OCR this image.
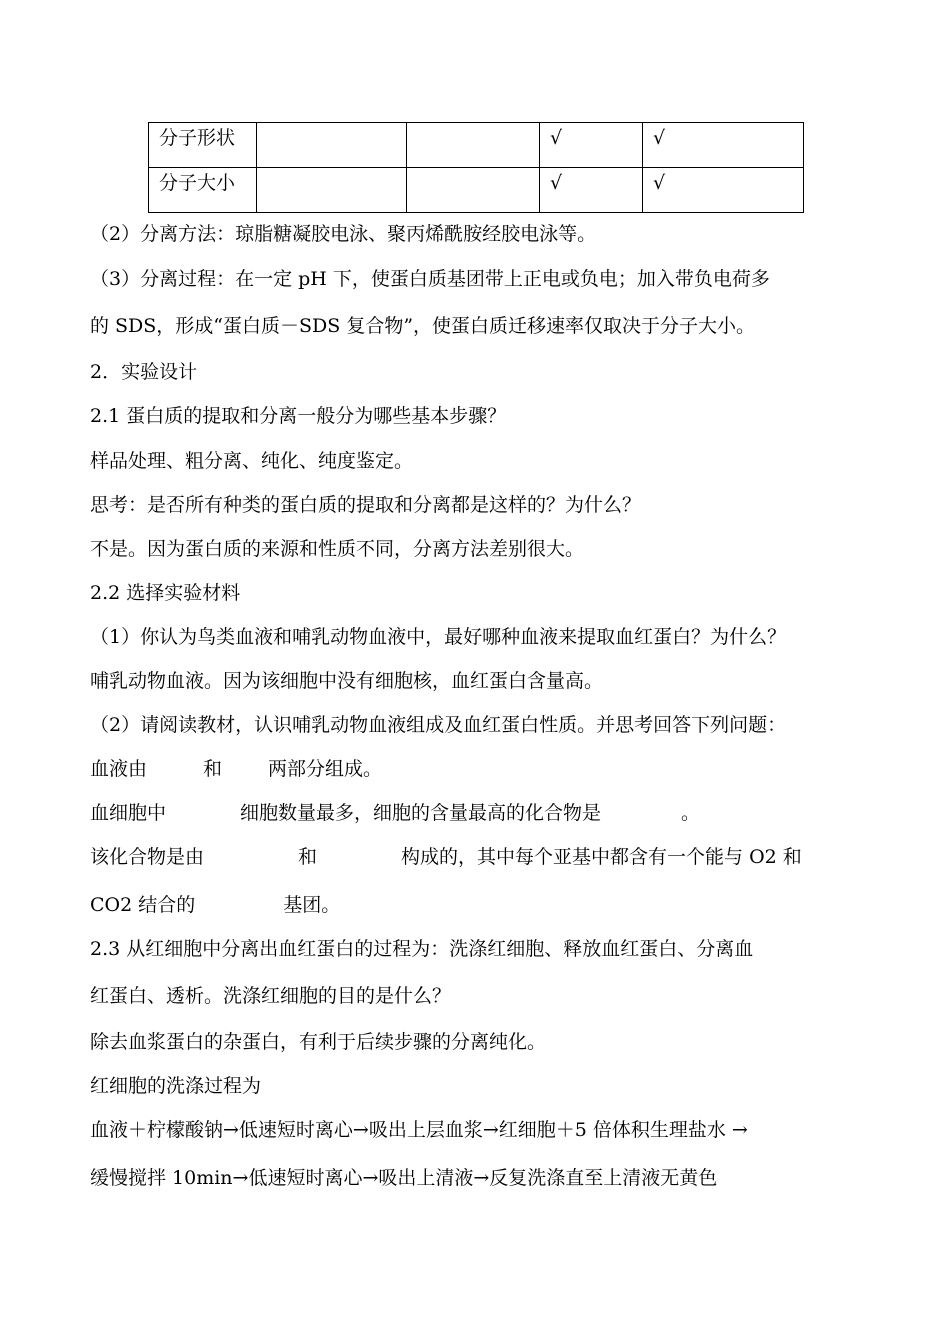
分子形状			√	√
分子大小			√	√
（2）分离方法：琼脂糖凝胶电泳、聚丙烯酰胺经胶电泳等。
（3）分离过程：在一定 pH 下，使蛋白质基团带上正电或负电；加入带负电荷多
的 SDS，形成“蛋白质－SDS 复合物”，使蛋白质迁移速率仅取决于分子大小。
2．实验设计
2.1 蛋白质的提取和分离一般分为哪些基本步骤？
样品处理、粗分离、纯化、纯度鉴定。
思考：是否所有种类的蛋白质的提取和分离都是这样的？为什么？
不是。因为蛋白质的来源和性质不同，分离方法差别很大。
2.2 选择实验材料
（1）你认为鸟类血液和哺乳动物血液中，最好哪种血液来提取血红蛋白？为什么？
哺乳动物血液。因为该细胞中没有细胞核，血红蛋白含量高。
（2）请阅读教材，认识哺乳动物血液组成及血红蛋白性质。并思考回答下列问题：
血液由	和 两部分组成。
血细胞中	细胞数量最多，细胞的含量最高的化合物是	。
该化合物是由	和	构成的，其中每个亚基中都含有一个能与 O2 和
CO2 结合的	基团。
2.3 从红细胞中分离出血红蛋白的过程为：洗涤红细胞、释放血红蛋白、分离血
红蛋白、透析。洗涤红细胞的目的是什么？
除去血浆蛋白的杂蛋白，有利于后续步骤的分离纯化。
红细胞的洗涤过程为
血液＋柠檬酸钠→低速短时离心→吸出上层血浆→红细胞＋5 倍体积生理盐水 →
缓慢搅拌 10min→低速短时离心→吸出上清液→反复洗涤直至上清液无黄色
